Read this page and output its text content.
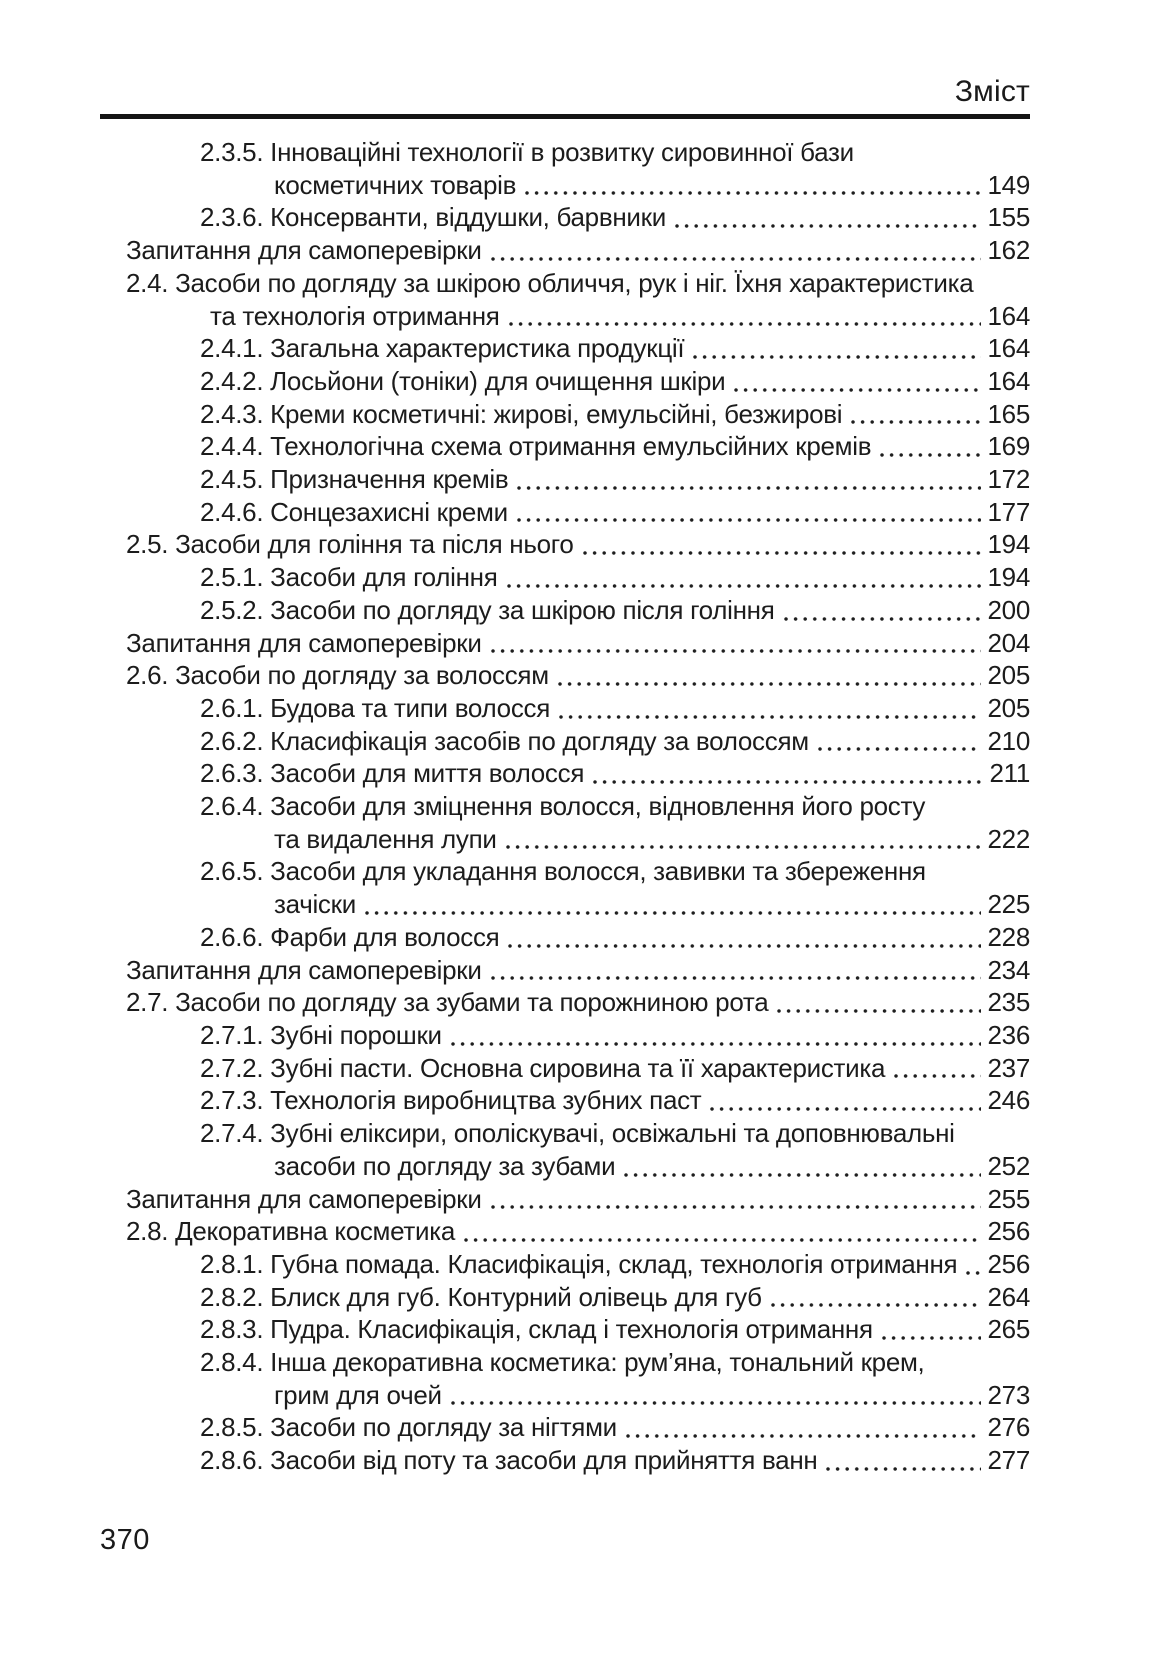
Зміст
2.3.5. Інноваційні технології в розвитку сировинної бази
косметичних товарів	149
2.3.6. Консерванти, віддушки, барвники	155
Запитання для самоперевірки	162
2.4. Засоби по догляду за шкірою обличчя, рук і ніг. Їхня характеристика
та технологія отримання	164
2.4.1. Загальна характеристика продукції	164
2.4.2. Лосьйони (тоніки) для очищення шкіри	164
2.4.3. Креми косметичні: жирові, емульсійні, безжирові	165
2.4.4. Технологічна схема отримання емульсійних кремів	169
2.4.5. Призначення кремів	172
2.4.6. Сонцезахисні креми	177
2.5. Засоби для гоління та після нього	194
2.5.1. Засоби для гоління	194
2.5.2. Засоби по догляду за шкірою після гоління	200
Запитання для самоперевірки	204
2.6. Засоби по догляду за волоссям	205
2.6.1. Будова та типи волосся	205
2.6.2. Класифікація засобів по догляду за волоссям	210
2.6.3. Засоби для миття волосся	211
2.6.4. Засоби для зміцнення волосся, відновлення його росту
та видалення лупи	222
2.6.5. Засоби для укладання волосся, завивки та збереження
зачіски	225
2.6.6. Фарби для волосся	228
Запитання для самоперевірки	234
2.7. Засоби по догляду за зубами та порожниною рота	235
2.7.1. Зубні порошки	236
2.7.2. Зубні пасти. Основна сировина та її характеристика	237
2.7.3. Технологія виробництва зубних паст	246
2.7.4. Зубні еліксири, ополіскувачі, освіжальні та доповнювальні
засоби по догляду за зубами	252
Запитання для самоперевірки	255
2.8. Декоративна косметика	256
2.8.1. Губна помада. Класифікація, склад, технологія отримання 256
2.8.2. Блиск для губ. Контурний олівець для губ	264
2.8.3. Пудра. Класифікація, склад і технологія отримання	265
2.8.4. Інша декоративна косметика: рум’яна, тональний крем,
грим для очей	273
2.8.5. Засоби по догляду за нігтями	276
2.8.6. Засоби від поту та засоби для прийняття ванн	277
370
